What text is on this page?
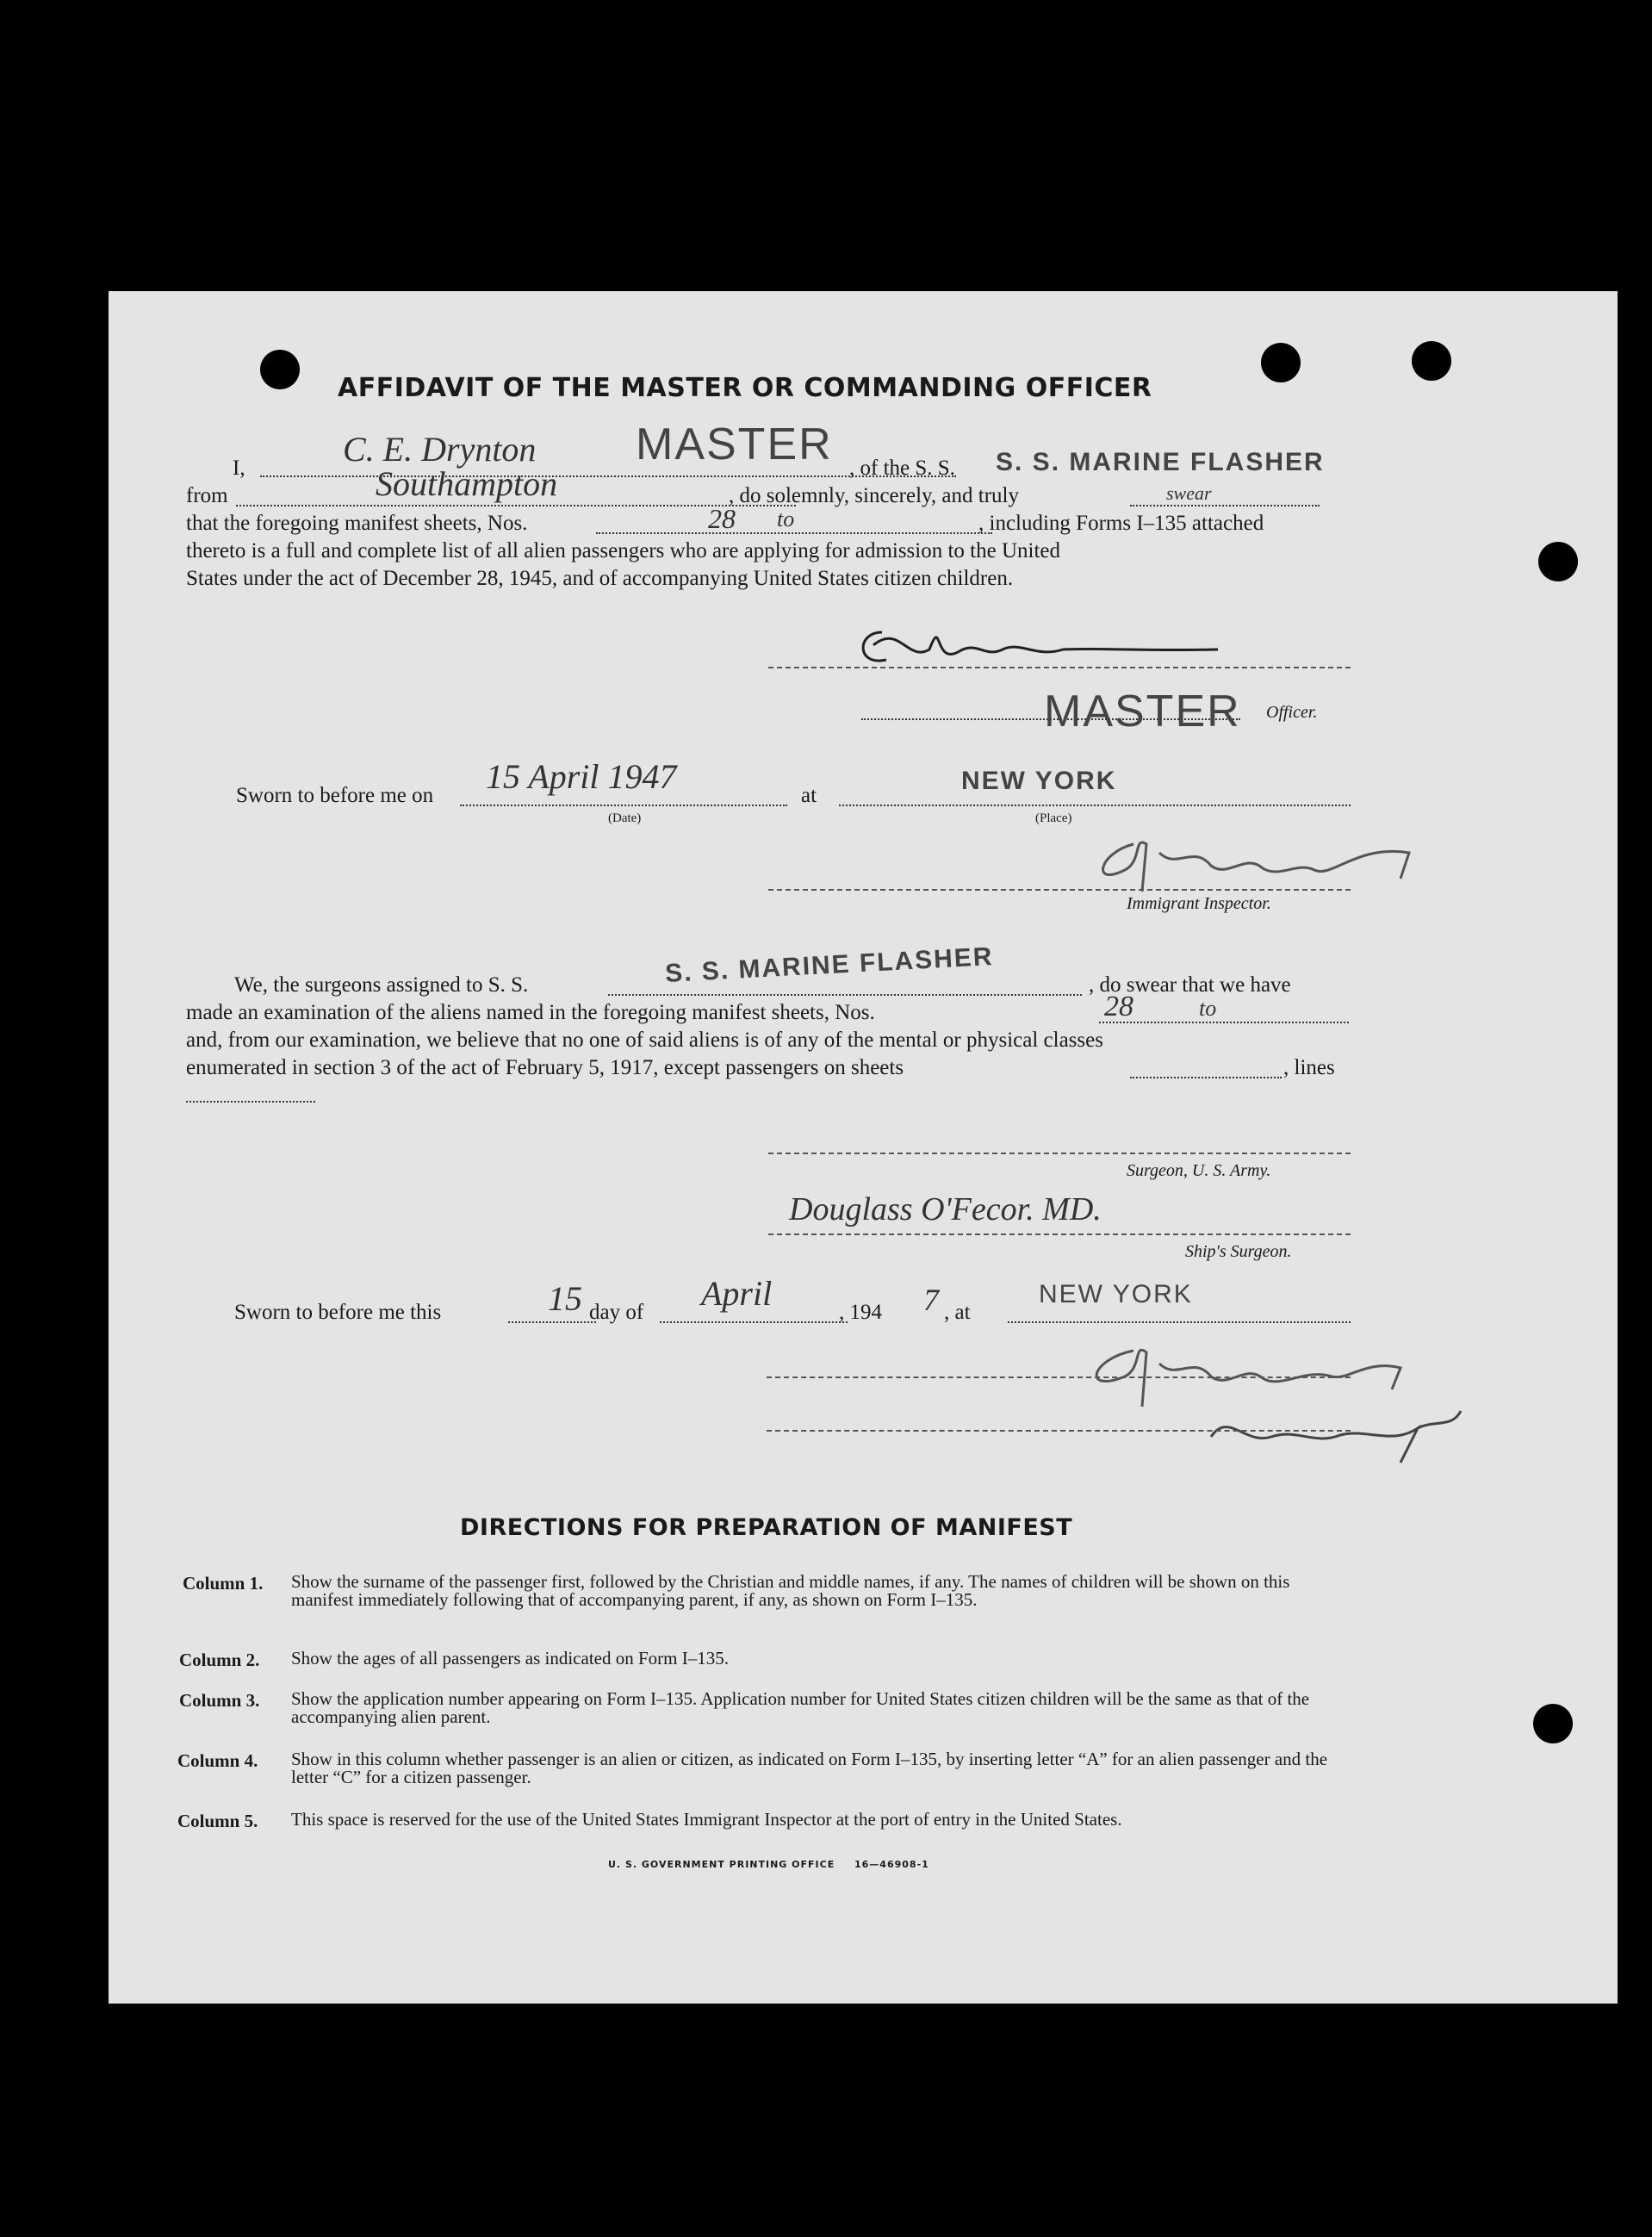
AFFIDAVIT OF THE MASTER OR COMMANDING OFFICER
I,	C. E. Drynton MASTER , of the S. S. S. S. MARINE FLASHER
from	Southampton	, do solemnly, sincerely, and truly	swear
that the foregoing manifest sheets, Nos.	28 to	, including Forms I–135 attached
thereto is a full and complete list of all alien passengers who are applying for admission to the United
States under the act of December 28, 1945, and of accompanying United States citizen children.
MASTER Officer.
Sworn to before me on 15 April 1947	at
(Date)
NEW YORK
(Place)
Immigrant Inspector.
S. S. MARINE FLASHER
We, the surgeons assigned to S. S.	, do swear that we have
made an examination of the aliens named in the foregoing manifest sheets, Nos.	28	to
and, from our examination, we believe that no one of said aliens is of any of the mental or physical classes
enumerated in section 3 of the act of February 5, 1917, except passengers on sheets	, lines
Surgeon, U. S. Army.
Douglass O'Fecor. MD.
Ship's Surgeon.
Sworn to before me this	15 day of April	, 194 7 , at
NEW YORK
DIRECTIONS FOR PREPARATION OF MANIFEST
Column 1. Show the surname of the passenger first, followed by the Christian and middle names, if any. The names of children will be shown on this manifest immediately following that of accompanying parent, if any, as shown on Form I–135.
Column 2. Show the ages of all passengers as indicated on Form I–135.
Column 3. Show the application number appearing on Form I–135. Application number for United States citizen children will be the same as that of the accompanying alien parent.
Column 4. Show in this column whether passenger is an alien or citizen, as indicated on Form I–135, by inserting letter “A” for an alien passenger and the letter “C” for a citizen passenger.
Column 5. This space is reserved for the use of the United States Immigrant Inspector at the port of entry in the United States.
U. S. GOVERNMENT PRINTING OFFICE 16—46908-1
